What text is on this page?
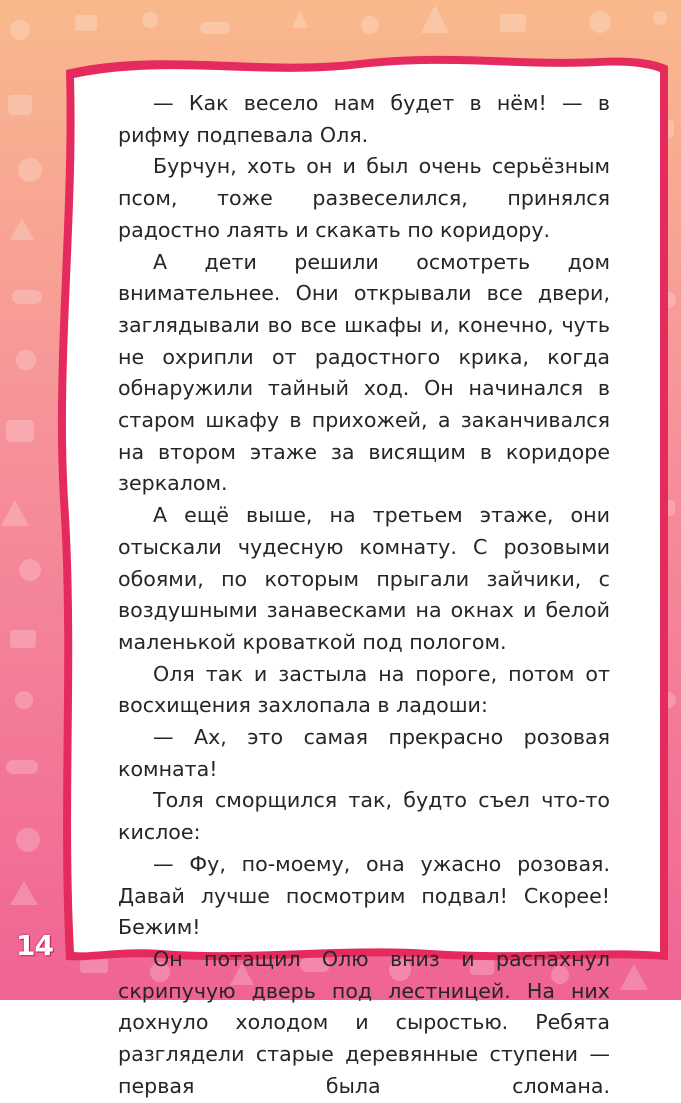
— Как весело нам будет в нём! — в рифму подпевала Оля.

Бурчун, хоть он и был очень серьёзным псом, тоже развеселился, принялся радостно лаять и скакать по коридору.

А дети решили осмотреть дом внимательнее. Они открывали все двери, заглядывали во все шкафы и, конечно, чуть не охрипли от радостного крика, когда обнаружили тайный ход. Он начинался в старом шкафу в прихожей, а заканчивался на втором этаже за висящим в коридоре зеркалом.

А ещё выше, на третьем этаже, они отыскали чудесную комнату. С розовыми обоями, по которым прыгали зайчики, с воздушными занавесками на окнах и белой маленькой кроваткой под пологом.

Оля так и застыла на пороге, потом от восхищения захлопала в ладоши:

— Ах, это самая прекрасно розовая комната!

Толя сморщился так, будто съел что-то кислое:

— Фу, по-моему, она ужасно розовая. Давай лучше посмотрим подвал! Скорее! Бежим!

Он потащил Олю вниз и распахнул скрипучую дверь под лестницей. На них дохнуло холодом и сыростью. Ребята разглядели старые деревянные ступени — первая была сломана.

14
